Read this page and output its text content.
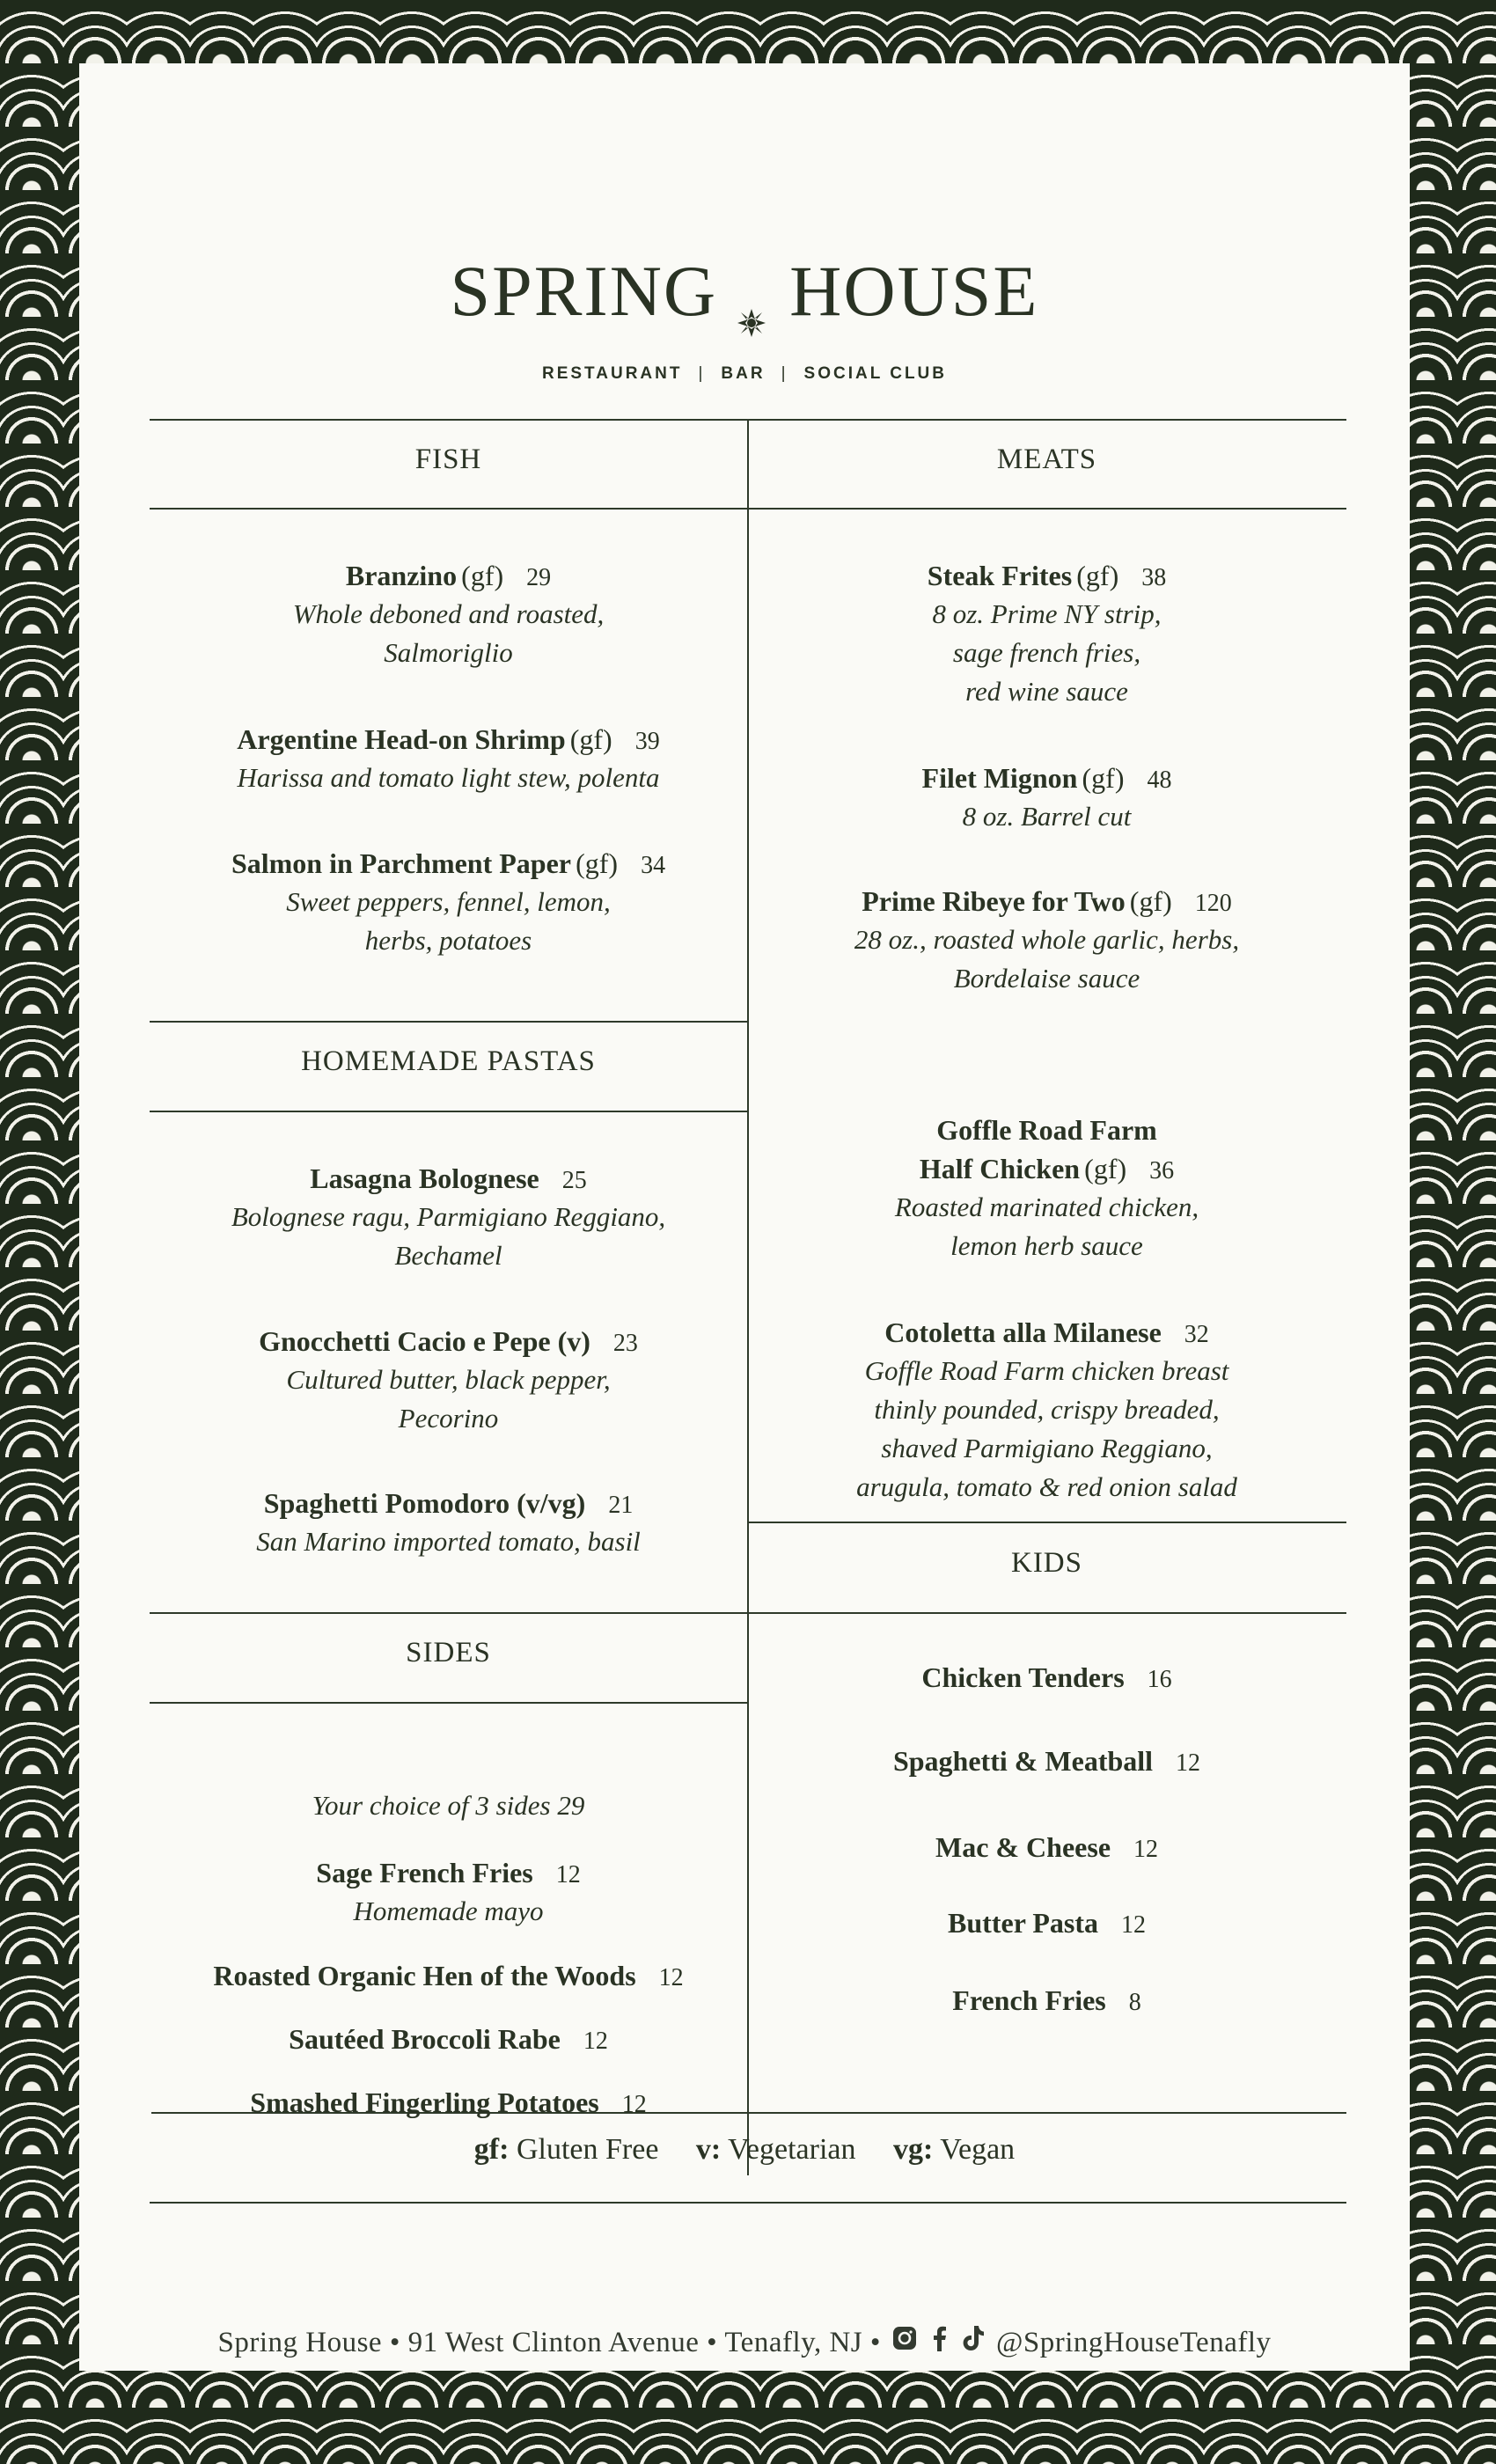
SPRING HOUSE
RESTAURANT | BAR | SOCIAL CLUB
FISH
Branzino (gf) 29
Whole deboned and roasted,
Salmoriglio
Argentine Head-on Shrimp (gf) 39
Harissa and tomato light stew, polenta
Salmon in Parchment Paper (gf) 34
Sweet peppers, fennel, lemon,
herbs, potatoes
HOMEMADE PASTAS
Lasagna Bolognese 25
Bolognese ragu, Parmigiano Reggiano,
Bechamel
Gnocchetti Cacio e Pepe (v) 23
Cultured butter, black pepper,
Pecorino
Spaghetti Pomodoro (v/vg) 21
San Marino imported tomato, basil
SIDES
Your choice of 3 sides 29
Sage French Fries 12
Homemade mayo
Roasted Organic Hen of the Woods 12
Sautéed Broccoli Rabe 12
Smashed Fingerling Potatoes 12
MEATS
Steak Frites (gf) 38
8 oz. Prime NY strip,
sage french fries,
red wine sauce
Filet Mignon (gf) 48
8 oz. Barrel cut
Prime Ribeye for Two (gf) 120
28 oz., roasted whole garlic, herbs,
Bordelaise sauce
Goffle Road Farm
Half Chicken (gf) 36
Roasted marinated chicken,
lemon herb sauce
Cotoletta alla Milanese 32
Goffle Road Farm chicken breast
thinly pounded, crispy breaded,
shaved Parmigiano Reggiano,
arugula, tomato & red onion salad
KIDS
Chicken Tenders 16
Spaghetti & Meatball 12
Mac & Cheese 12
Butter Pasta 12
French Fries 8
gf: Gluten Free v: Vegetarian vg: Vegan
Spring House • 91 West Clinton Avenue • Tenafly, NJ •	@SpringHouseTenafly
